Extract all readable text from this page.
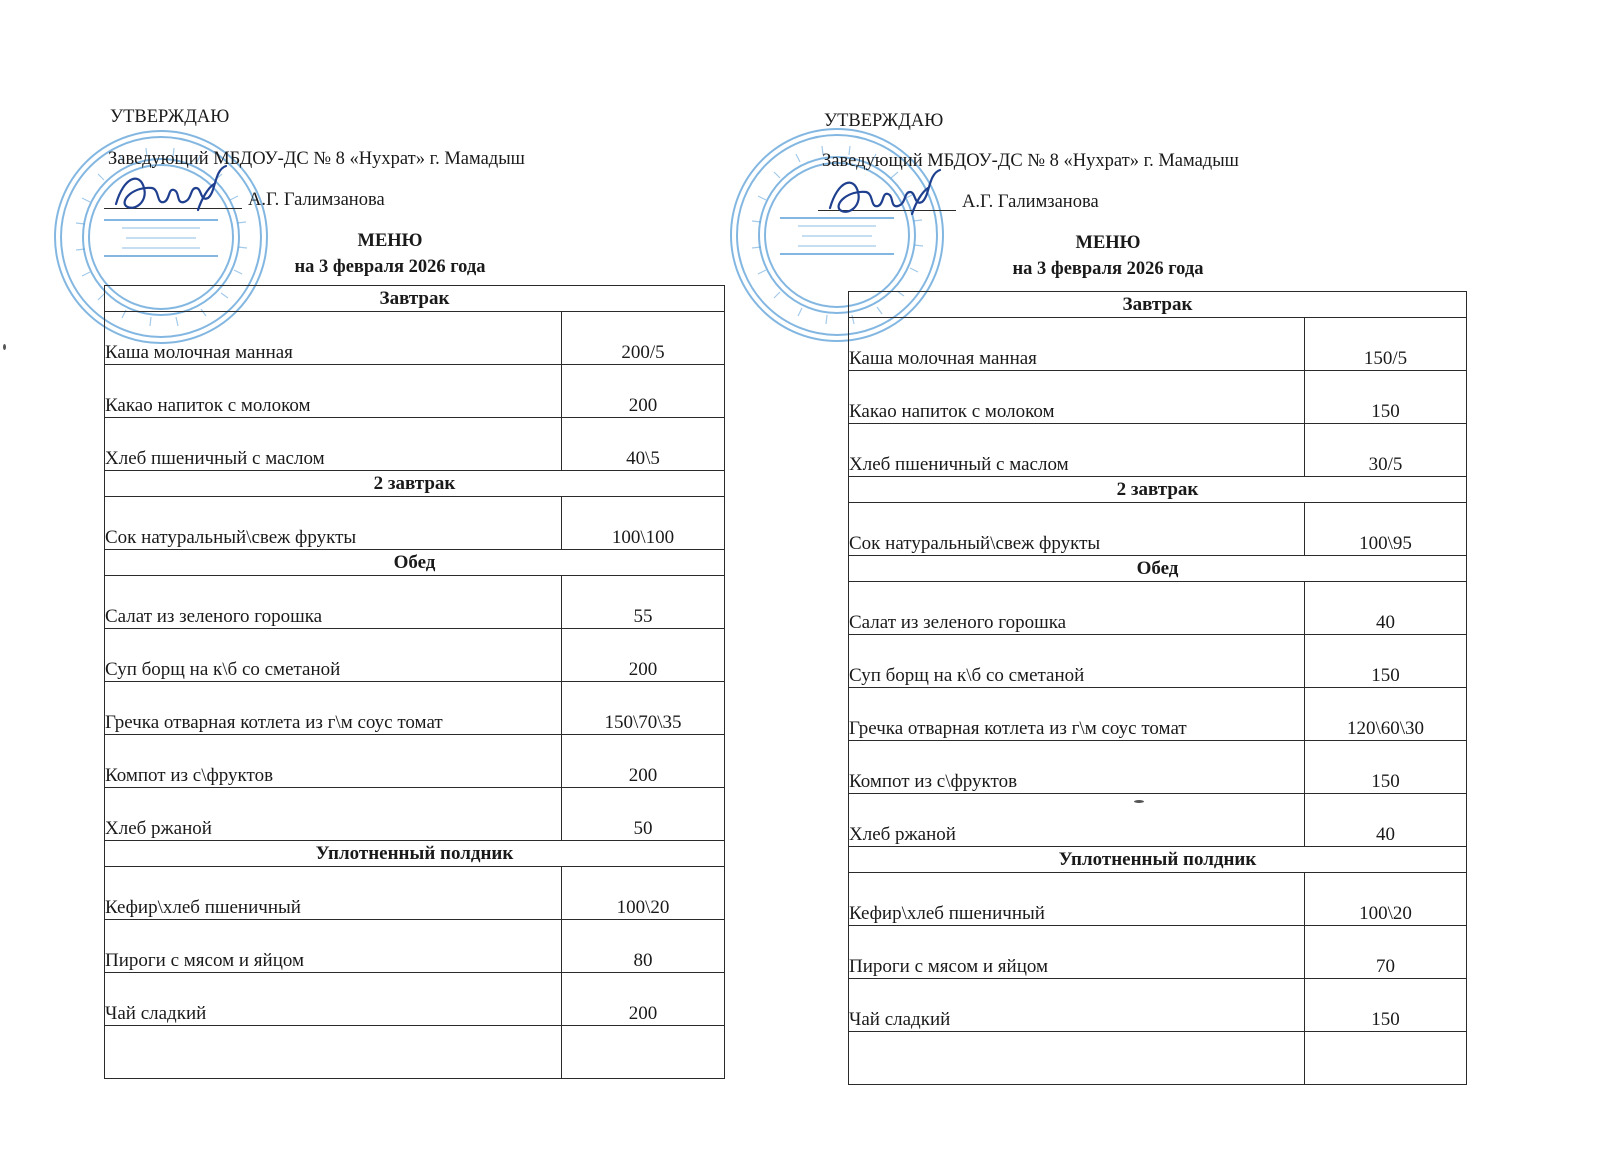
УТВЕРЖДАЮ
Заведующий МБДОУ-ДС № 8 «Нухрат» г. Мамадыш
А.Г. Галимзанова
МЕНЮ
на 3 февраля 2026 года
Завтрак	
Каша молочная манная	200/5
Какао напиток с молоком	200
Хлеб пшеничный с маслом	40\5
2 завтрак	
Сок натуральный\свеж фрукты	100\100
Обед	
Салат из зеленого горошка	55
Суп борщ на к\б со сметаной	200
Гречка отварная котлета из г\м соус томат	150\70\35
Компот из с\фруктов	200
Хлеб ржаной	50
Уплотненный полдник	
Кефир\хлеб пшеничный	100\20
Пироги с мясом и яйцом	80
Чай сладкий	200

УТВЕРЖДАЮ
Заведующий МБДОУ-ДС № 8 «Нухрат» г. Мамадыш
А.Г. Галимзанова
МЕНЮ
на 3 февраля 2026 года
Завтрак	
Каша молочная манная	150/5
Какао напиток с молоком	150
Хлеб пшеничный с маслом	30/5
2 завтрак	
Сок натуральный\свеж фрукты	100\95
Обед	
Салат из зеленого горошка	40
Суп борщ на к\б со сметаной	150
Гречка отварная котлета из г\м соус томат	120\60\30
Компот из с\фруктов	150
Хлеб ржаной	40
Уплотненный полдник	
Кефир\хлеб пшеничный	100\20
Пироги с мясом и яйцом	70
Чай сладкий	150
